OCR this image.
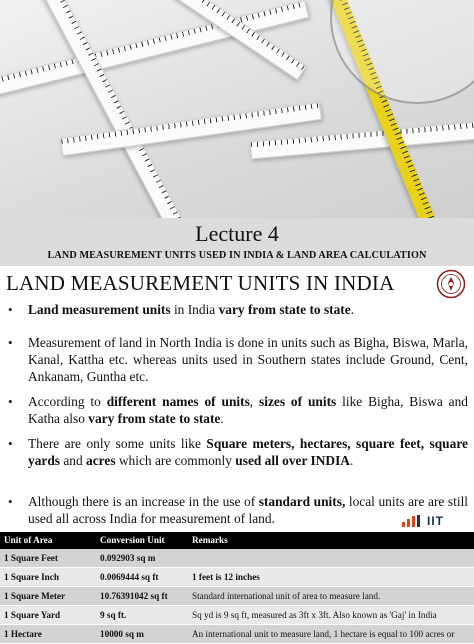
Lecture 4
LAND MEASUREMENT UNITS USED IN INDIA & LAND AREA CALCULATION
LAND MEASUREMENT UNITS IN INDIA
• Land measurement units in India vary from state to state.
• Measurement of land in North India is done in units such as Bigha, Biswa, Marla, Kanal, Kattha etc. whereas units used in Southern states include Ground, Cent, Ankanam, Guntha etc.
• According to different names of units, sizes of units like Bigha, Biswa and Katha also vary from state to state.
• There are only some units like Square meters, hectares, square feet, square yards and acres which are commonly used all over INDIA.
• Although there is an increase in the use of standard units, local units are are still used all across India for measurement of land.	IIT
Unit of Area	Conversion Unit	Remarks
1 Square Feet	0.092903 sq m	
1 Square Inch	0.0069444 sq ft	1 feet is 12 inches
1 Square Meter	10.76391042 sq ft	Standard international unit of area to measure land.
1 Square Yard	9 sq ft.	Sq yd is 9 sq ft, measured as 3ft x 3ft. Also known as 'Gaj' in India
1 Hectare	10000 sq m	An international unit to measure land, 1 hectare is equal to 100 acres or
